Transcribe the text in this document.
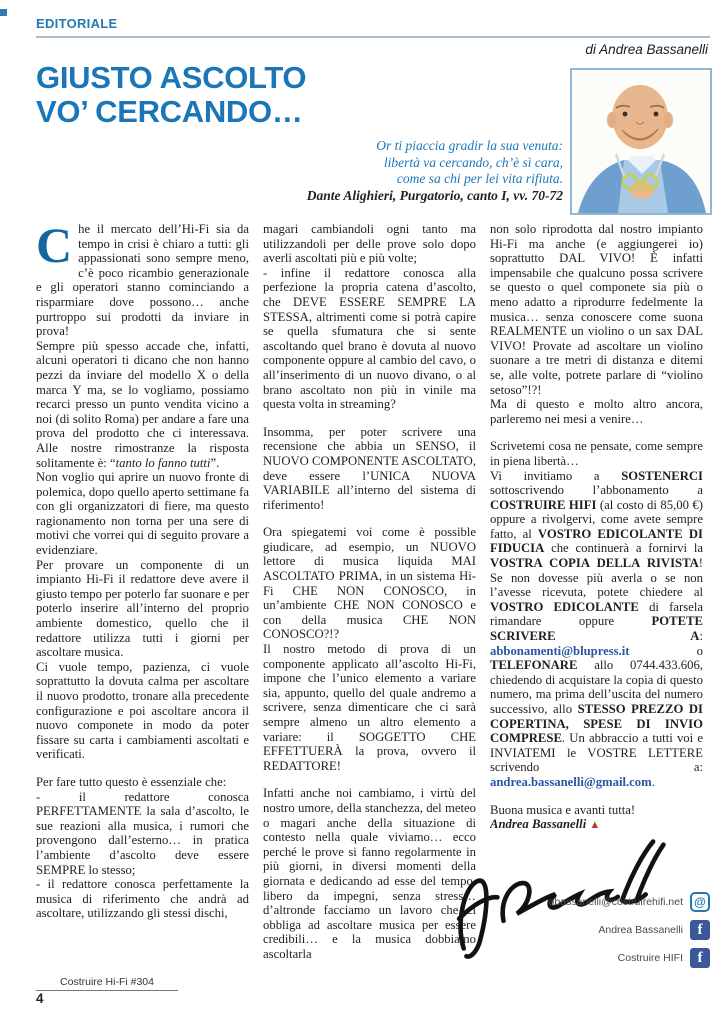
EDITORIALE
di Andrea Bassanelli
GIUSTO ASCOLTO
VO’ CERCANDO…
Or ti piaccia gradir la sua venuta:
libertà va cercando, ch’è sì cara,
come sa chi per lei vita rifiuta.
Dante Alighieri, Purgatorio, canto I, vv. 70-72

Che il mercato dell’Hi-Fi sia da tempo in crisi è chiaro a tutti: gli appassionati sono sempre meno, c’è poco ricambio generazionale e gli operatori stanno cominciando a risparmiare dove possono… anche purtroppo sui prodotti da inviare in prova!

Sempre più spesso accade che, infatti, alcuni operatori ti dicano che non hanno pezzi da inviare del modello X o della marca Y ma, se lo vogliamo, possiamo recarci presso un punto vendita vicino a noi (di solito Roma) per andare a fare una prova del prodotto che ci interessava. Alle nostre rimostranze la risposta solitamente è: “tanto lo fanno tutti”.

Non voglio qui aprire un nuovo fronte di polemica, dopo quello aperto settimane fa con gli organizzatori di fiere, ma questo ragionamento non torna per una sere di motivi che vorrei qui di seguito provare a evidenziare.

Per provare un componente di un impianto Hi-Fi il redattore deve avere il giusto tempo per poterlo far suonare e per poterlo inserire all’interno del proprio ambiente domestico, quello che il redattore utilizza tutti i giorni per ascoltare musica.

Ci vuole tempo, pazienza, ci vuole soprattutto la dovuta calma per ascoltare il nuovo prodotto, tronare alla precedente configurazione e poi ascoltare ancora il nuovo componete in modo da poter fissare su carta i cambiamenti ascoltati e verificati.

Per fare tutto questo è essenziale che:

- il redattore conosca PERFETTAMENTE la sala d’ascolto, le sue reazioni alla musica, i rumori che provengono dall’esterno… in pratica l’ambiente d’ascolto deve essere SEMPRE lo stesso;

- il redattore conosca perfettamente la musica di riferimento che andrà ad ascoltare, utilizzando gli stessi dischi,

magari cambiandoli ogni tanto ma utilizzandoli per delle prove solo dopo averli ascoltati più e più volte;

- infine il redattore conosca alla perfezione la propria catena d’ascolto, che DEVE ESSERE SEMPRE LA STESSA, altrimenti come si potrà capire se quella sfumatura che si sente ascoltando quel brano è dovuta al nuovo componente oppure al cambio del cavo, o all’inserimento di un nuovo divano, o al brano ascoltato non più in vinile ma questa volta in streaming?

Insomma, per poter scrivere una recensione che abbia un SENSO, il NUOVO COMPONENTE ASCOLTATO, deve essere l’UNICA NUOVA VARIABILE all’interno del sistema di riferimento!

Ora spiegatemi voi come è possible giudicare, ad esempio, un NUOVO lettore di musica liquida MAI ASCOLTATO PRIMA, in un sistema Hi-Fi CHE NON CONOSCO, in un’ambiente CHE NON CONOSCO e con della musica CHE NON CONOSCO?!?

Il nostro metodo di prova di un componente applicato all’ascolto Hi-Fi, impone che l’unico elemento a variare sia, appunto, quello del quale andremo a scrivere, senza dimenticare che ci sarà sempre almeno un altro elemento a variare: il SOGGETTO CHE EFFETTUERÀ la prova, ovvero il REDATTORE!

Infatti anche noi cambiamo, i virtù del nostro umore, della stanchezza, del meteo o magari anche della situazione di contesto nella quale viviamo… ecco perché le prove si fanno regolarmente in più giorni, in diversi momenti della giornata e dedicando ad esse del tempo, libero da impegni, senza stress… d’altronde facciamo un lavoro che ci obbliga ad ascoltare musica per essere credibili… e la musica dobbiamo ascoltarla

non solo riprodotta dal nostro impianto Hi-Fi ma anche (e aggiungerei io) soprattutto DAL VIVO! È infatti impensabile che qualcuno possa scrivere se questo o quel componete sia più o meno adatto a riprodurre fedelmente la musica… senza conoscere come suona REALMENTE un violino o un sax DAL VIVO! Provate ad ascoltare un violino suonare a tre metri di distanza e ditemi se, alle volte, potrete parlare di “violino setoso”!?!

Ma di questo e molto altro ancora, parleremo nei mesi a venire…

Scrivetemi cosa ne pensate, come sempre in piena libertà…

Vi invitiamo a SOSTENERCI sottoscrivendo l’abbonamento a COSTRUIRE HIFI (al costo di 85,00 €) oppure a rivolgervi, come avete sempre fatto, al VOSTRO EDICOLANTE DI FIDUCIA che continuerà a fornirvi la VOSTRA COPIA DELLA RIVISTA! Se non dovesse più averla o se non l’avesse ricevuta, potete chiedere al VOSTRO EDICOLANTE di farsela rimandare oppure POTETE SCRIVERE A: abbonamenti@blupress.it o TELEFONARE allo 0744.433.606, chiedendo di acquistare la copia di questo numero, ma prima dell’uscita del numero successivo, allo STESSO PREZZO DI COPERTINA, SPESE DI INVIO COMPRESE. Un abbraccio a tutti voi e INVIATEMI le VOSTRE LETTERE scrivendo a: andrea.bassanelli@gmail.com.

Buona musica e avanti tutta!

Andrea Bassanelli ▲

Costruire Hi-Fi #304
4
abassanelli@costruirehifi.net @
Andrea Bassanelli f
Costruire HIFI f
